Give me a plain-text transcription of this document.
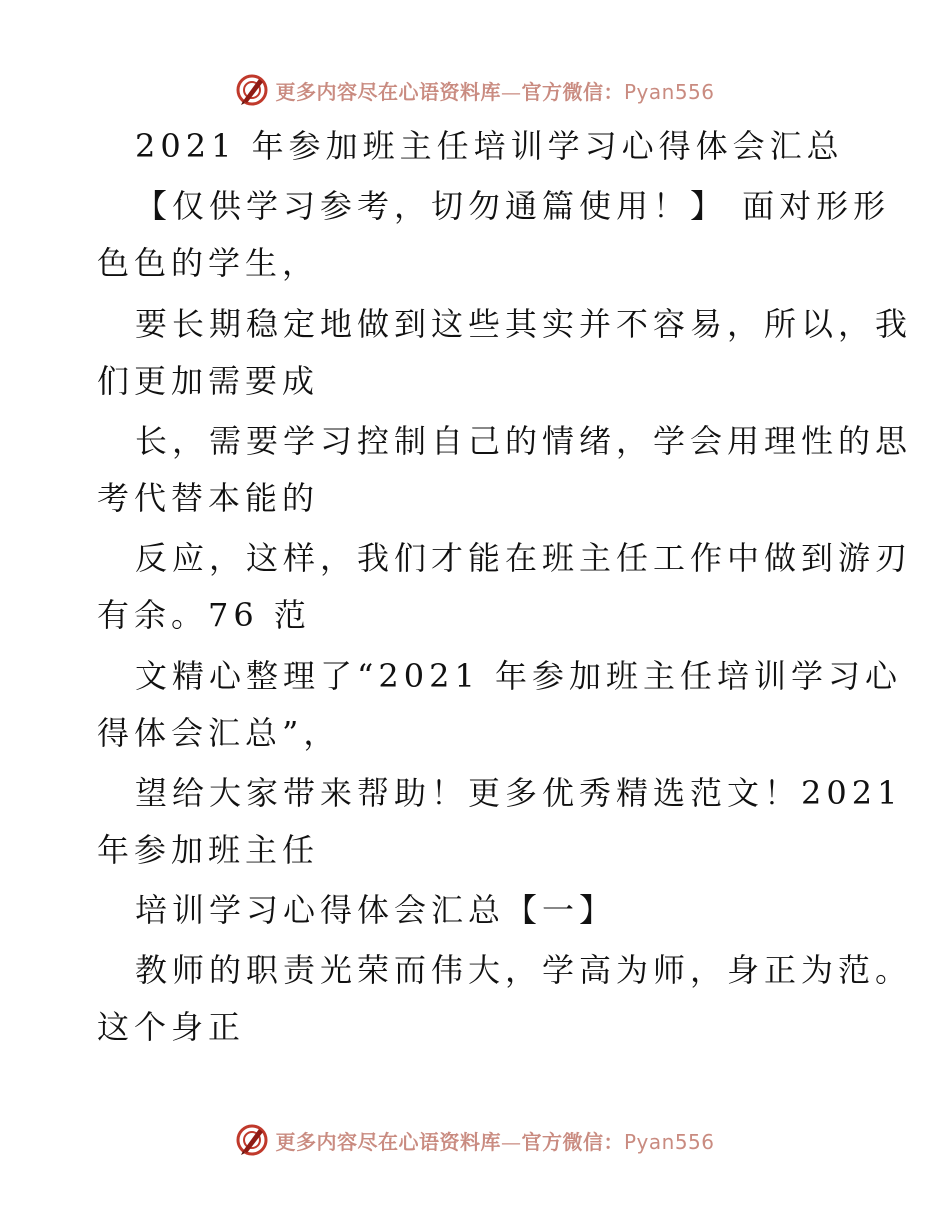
更多内容尽在心语资料库—官方微信：Pyan556
2021 年参加班主任培训学习心得体会汇总
【仅供学习参考，切勿通篇使用！】 面对形形
色色的学生，
要长期稳定地做到这些其实并不容易，所以，我
们更加需要成
长，需要学习控制自己的情绪，学会用理性的思
考代替本能的
反应，这样，我们才能在班主任工作中做到游刃
有余。76 范
文精心整理了“2021 年参加班主任培训学习心
得体会汇总”，
望给大家带来帮助！更多优秀精选范文！2021
年参加班主任
培训学习心得体会汇总【一】
教师的职责光荣而伟大，学高为师，身正为范。
这个身正
更多内容尽在心语资料库—官方微信：Pyan556
